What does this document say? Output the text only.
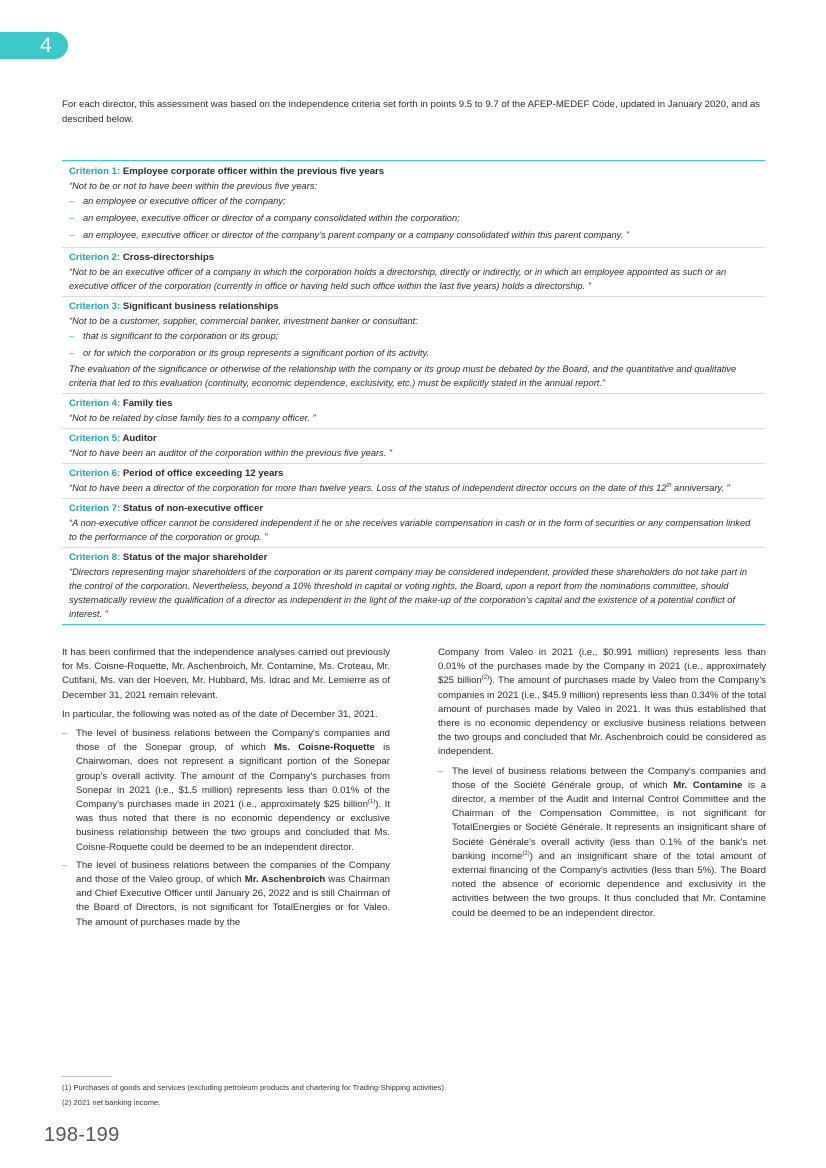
4

For each director, this assessment was based on the independence criteria set forth in points 9.5 to 9.7 of the AFEP-MEDEF Code, updated in January 2020, and as described below.

Criterion 1: Employee corporate officer within the previous five years
“Not to be or not to have been within the previous five years:
– an employee or executive officer of the company;
– an employee, executive officer or director of a company consolidated within the corporation;
– an employee, executive officer or director of the company’s parent company or a company consolidated within this parent company. ”
Criterion 2: Cross-directorships
“Not to be an executive officer of a company in which the corporation holds a directorship, directly or indirectly, or in which an employee appointed as such or an executive officer of the corporation (currently in office or having held such office within the last five years) holds a directorship. ”
Criterion 3: Significant business relationships
“Not to be a customer, supplier, commercial banker, investment banker or consultant:
– that is significant to the corporation or its group;
– or for which the corporation or its group represents a significant portion of its activity.
The evaluation of the significance or otherwise of the relationship with the company or its group must be debated by the Board, and the quantitative and qualitative criteria that led to this evaluation (continuity, economic dependence, exclusivity, etc.) must be explicitly stated in the annual report.”
Criterion 4: Family ties
“Not to be related by close family ties to a company officer. ”
Criterion 5: Auditor
“Not to have been an auditor of the corporation within the previous five years. ”
Criterion 6: Period of office exceeding 12 years
“Not to have been a director of the corporation for more than twelve years. Loss of the status of independent director occurs on the date of this 12th anniversary. ”
Criterion 7: Status of non-executive officer
“A non-executive officer cannot be considered independent if he or she receives variable compensation in cash or in the form of securities or any compensation linked to the performance of the corporation or group. ”
Criterion 8: Status of the major shareholder
“Directors representing major shareholders of the corporation or its parent company may be considered independent, provided these shareholders do not take part in the control of the corporation. Nevertheless, beyond a 10% threshold in capital or voting rights, the Board, upon a report from the nominations committee, should systematically review the qualification of a director as independent in the light of the make-up of the corporation’s capital and the existence of a potential conflict of interest. ”

It has been confirmed that the independence analyses carried out previously for Ms. Coisne-Roquette, Mr. Aschenbroich, Mr. Contamine, Ms. Croteau, Mr. Cutifani, Ms. van der Hoeven, Mr. Hubbard, Ms. Idrac and Mr. Lemierre as of December 31, 2021 remain relevant.

In particular, the following was noted as of the date of December 31, 2021.

– The level of business relations between the Company's companies and those of the Sonepar group, of which Ms. Coisne-Roquette is Chairwoman, does not represent a significant portion of the Sonepar group's overall activity. The amount of the Company's purchases from Sonepar in 2021 (i.e., $1.5 million) represents less than 0.01% of the Company's purchases made in 2021 (i.e., approximately $25 billion$^{(1)}$). It was thus noted that there is no economic dependency or exclusive business relationship between the two groups and concluded that Ms. Coisne-Roquette could be deemed to be an independent director.
– The level of business relations between the companies of the Company and those of the Valeo group, of which Mr. Aschenbroich was Chairman and Chief Executive Officer until January 26, 2022 and is still Chairman of the Board of Directors, is not significant for TotalEnergies or for Valeo. The amount of purchases made by the

Company from Valeo in 2021 (i.e., $0.991 million) represents less than 0.01% of the purchases made by the Company in 2021 (i.e., approximately $25 billion$^{(2)}$). The amount of purchases made by Valeo from the Company's companies in 2021 (i.e., $45.9 million) represents less than 0.34% of the total amount of purchases made by Valeo in 2021. It was thus established that there is no economic dependency or exclusive business relations between the two groups and concluded that Mr. Aschenbroich could be considered as independent.

– The level of business relations between the Company's companies and those of the Société Générale group, of which Mr. Contamine is a director, a member of the Audit and Internal Control Committee and the Chairman of the Compensation Committee, is not significant for TotalEnergies or Société Générale. It represents an insignificant share of Société Générale's overall activity (less than 0.1% of the bank's net banking income$^{(2)}$) and an insignificant share of the total amount of external financing of the Company's activities (less than 5%). The Board noted the absence of economic dependence and exclusivity in the activities between the two groups. It thus concluded that Mr. Contamine could be deemed to be an independent director.
(1) Purchases of goods and services (excluding petroleum products and chartering for Trading-Shipping activities).
(2) 2021 net banking income.
198-199
